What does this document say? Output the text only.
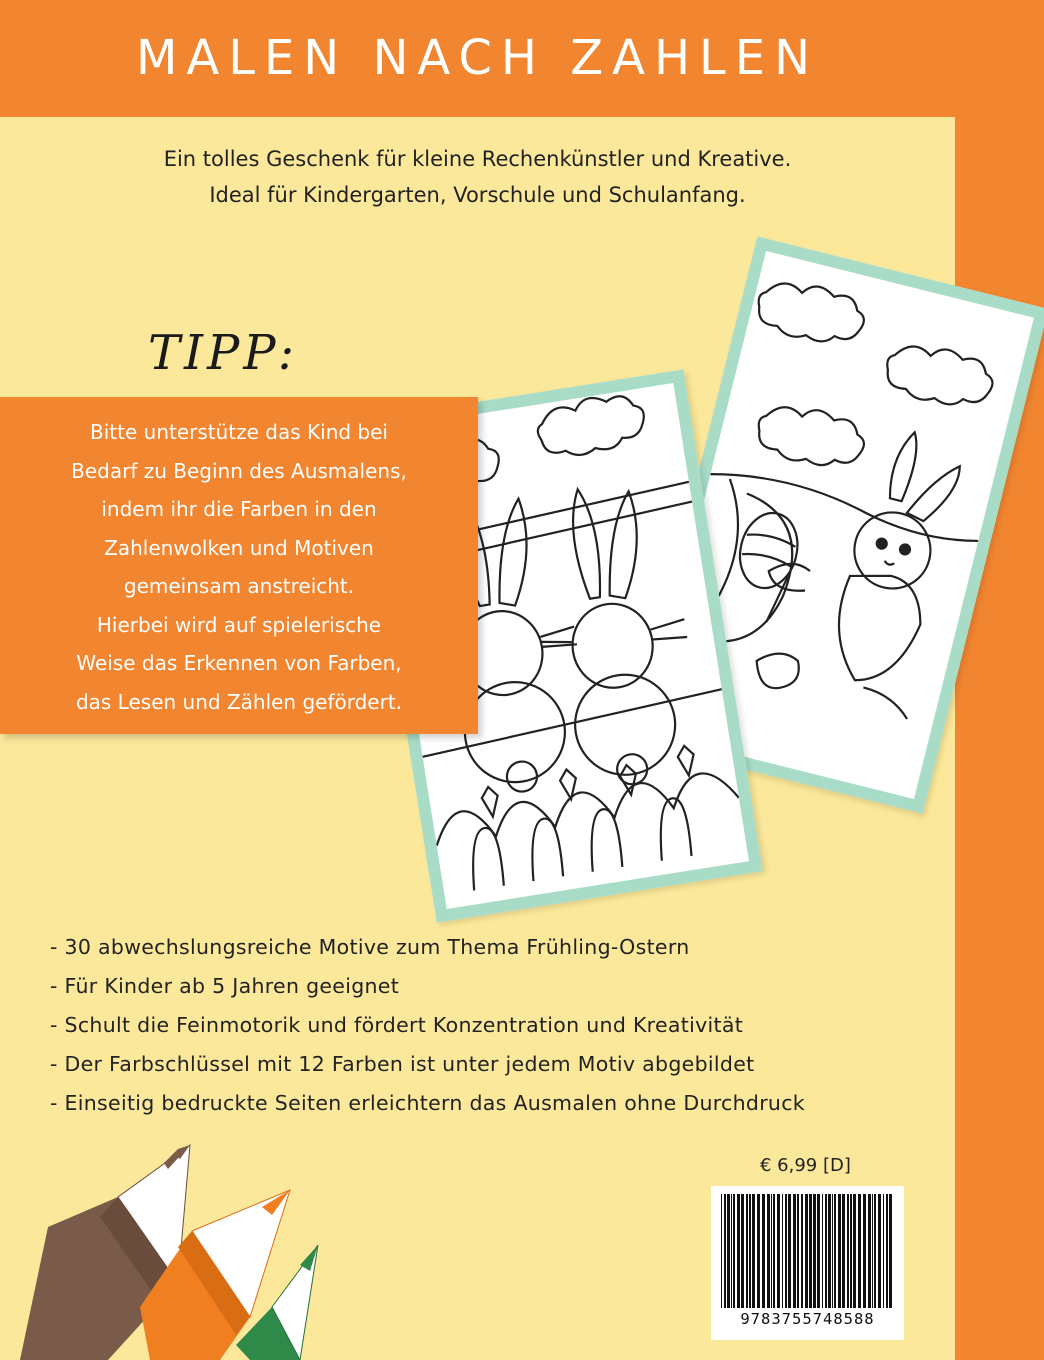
MALEN NACH ZAHLEN
Ein tolles Geschenk für kleine Rechenkünstler und Kreative.
Ideal für Kindergarten, Vorschule und Schulanfang.
TIPP:
Bitte unterstütze das Kind bei
Bedarf zu Beginn des Ausmalens,
indem ihr die Farben in den
Zahlenwolken und Motiven
gemeinsam anstreicht.
Hierbei wird auf spielerische
Weise das Erkennen von Farben,
das Lesen und Zählen gefördert.
- 30 abwechslungsreiche Motive zum Thema Frühling-Ostern
- Für Kinder ab 5 Jahren geeignet
- Schult die Feinmotorik und fördert Konzentration und Kreativität
- Der Farbschlüssel mit 12 Farben ist unter jedem Motiv abgebildet
- Einseitig bedruckte Seiten erleichtern das Ausmalen ohne Durchdruck
€ 6,99 [D]
9783755748588
